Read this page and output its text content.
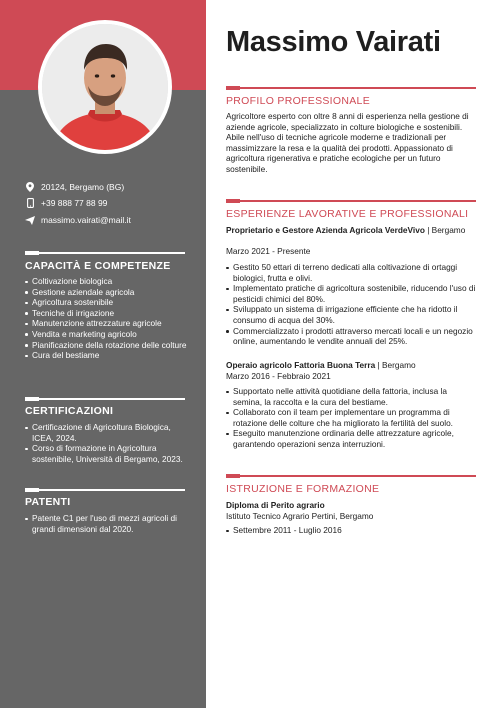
20124, Bergamo (BG)
+39 888 77 88 99
massimo.vairati@mail.it
CAPACITÀ E COMPETENZE
Coltivazione biologica
Gestione aziendale agricola
Agricoltura sostenibile
Tecniche di irrigazione
Manutenzione attrezzature agricole
Vendita e marketing agricolo
Pianificazione della rotazione delle colture
Cura del bestiame
CERTIFICAZIONI
Certificazione di Agricoltura Biologica, ICEA, 2024.
Corso di formazione in Agricoltura sostenibile, Università di Bergamo, 2023.
PATENTI
Patente C1 per l'uso di mezzi agricoli di grandi dimensioni dal 2020.
Massimo Vairati
PROFILO PROFESSIONALE

Agricoltore esperto con oltre 8 anni di esperienza nella gestione di aziende agricole, specializzato in colture biologiche e sostenibili. Abile nell'uso di tecniche agricole moderne e tradizionali per massimizzare la resa e la qualità dei prodotti. Appassionato di agricoltura rigenerativa e pratiche ecologiche per un futuro sostenibile.

ESPERIENZE LAVORATIVE E PROFESSIONALI
Proprietario e Gestore Azienda Agricola VerdeVivo | Bergamo
Marzo 2021 - Presente
Gestito 50 ettari di terreno dedicati alla coltivazione di ortaggi biologici, frutta e olivi.
Implementato pratiche di agricoltura sostenibile, riducendo l'uso di pesticidi chimici del 80%.
Sviluppato un sistema di irrigazione efficiente che ha ridotto il consumo di acqua del 30%.
Commercializzato i prodotti attraverso mercati locali e un negozio online, aumentando le vendite annuali del 25%.
Operaio agricolo Fattoria Buona Terra | Bergamo
Marzo 2016 - Febbraio 2021
Supportato nelle attività quotidiane della fattoria, inclusa la semina, la raccolta e la cura del bestiame.
Collaborato con il team per implementare un programma di rotazione delle colture che ha migliorato la fertilità del suolo.
Eseguito manutenzione ordinaria delle attrezzature agricole, garantendo operazioni senza interruzioni.
ISTRUZIONE E FORMAZIONE
Diploma di Perito agrario
Istituto Tecnico Agrario Pertini, Bergamo
Settembre 2011 - Luglio 2016
